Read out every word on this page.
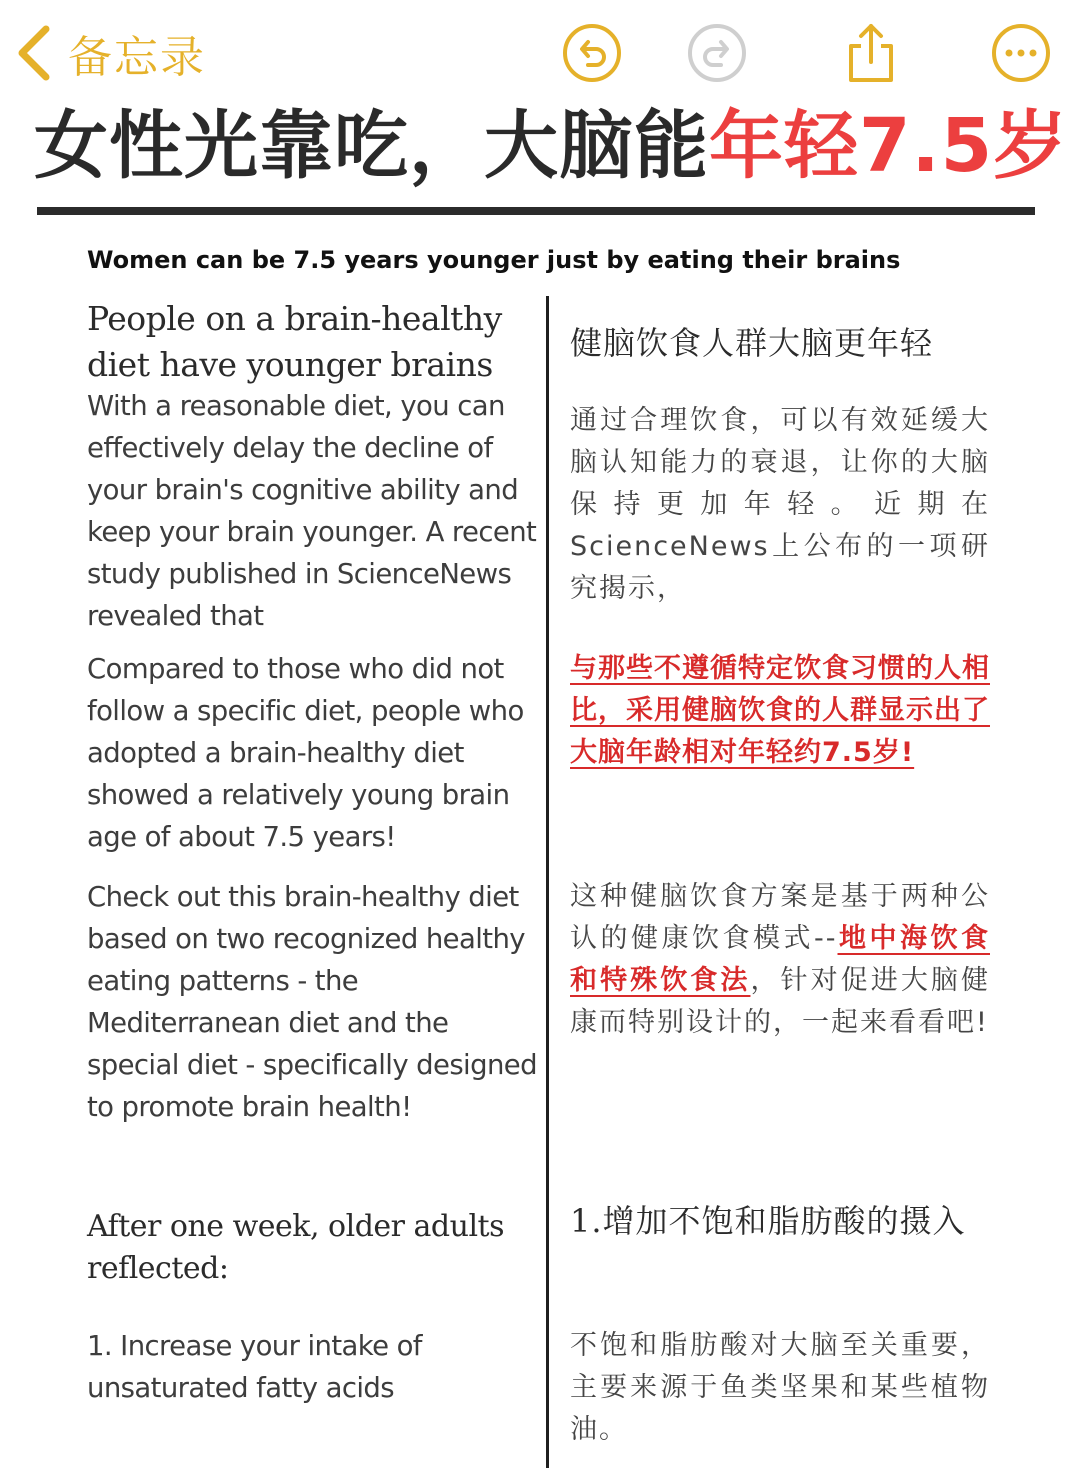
备忘录
女性光靠吃，大脑能年轻7.5岁
Women can be 7.5 years younger just by eating their brains
People on a brain-healthy diet have younger brains
With a reasonable diet, you can effectively delay the decline of your brain's cognitive ability and keep your brain younger. A recent study published in ScienceNews revealed that
Compared to those who did not follow a specific diet, people who adopted a brain-healthy diet showed a relatively young brain age of about 7.5 years!
Check out this brain-healthy diet based on two recognized healthy eating patterns - the Mediterranean diet and the special diet - specifically designed to promote brain health!
After one week, older adults reflected:
1. Increase your intake of unsaturated fatty acids
健脑饮食人群大脑更年轻
通过合理饮食，可以有效延缓大脑认知能力的衰退，让你的大脑保持更加年轻。近期在ScienceNews上公布的一项研究揭示，
与那些不遵循特定饮食习惯的人相比，采用健脑饮食的人群显示出了大脑年龄相对年轻约7.5岁!
这种健脑饮食方案是基于两种公认的健康饮食模式--地中海饮食和特殊饮食法，针对促进大脑健康而特别设计的，一起来看看吧!
1.增加不饱和脂肪酸的摄入
不饱和脂肪酸对大脑至关重要，主要来源于鱼类坚果和某些植物油。
